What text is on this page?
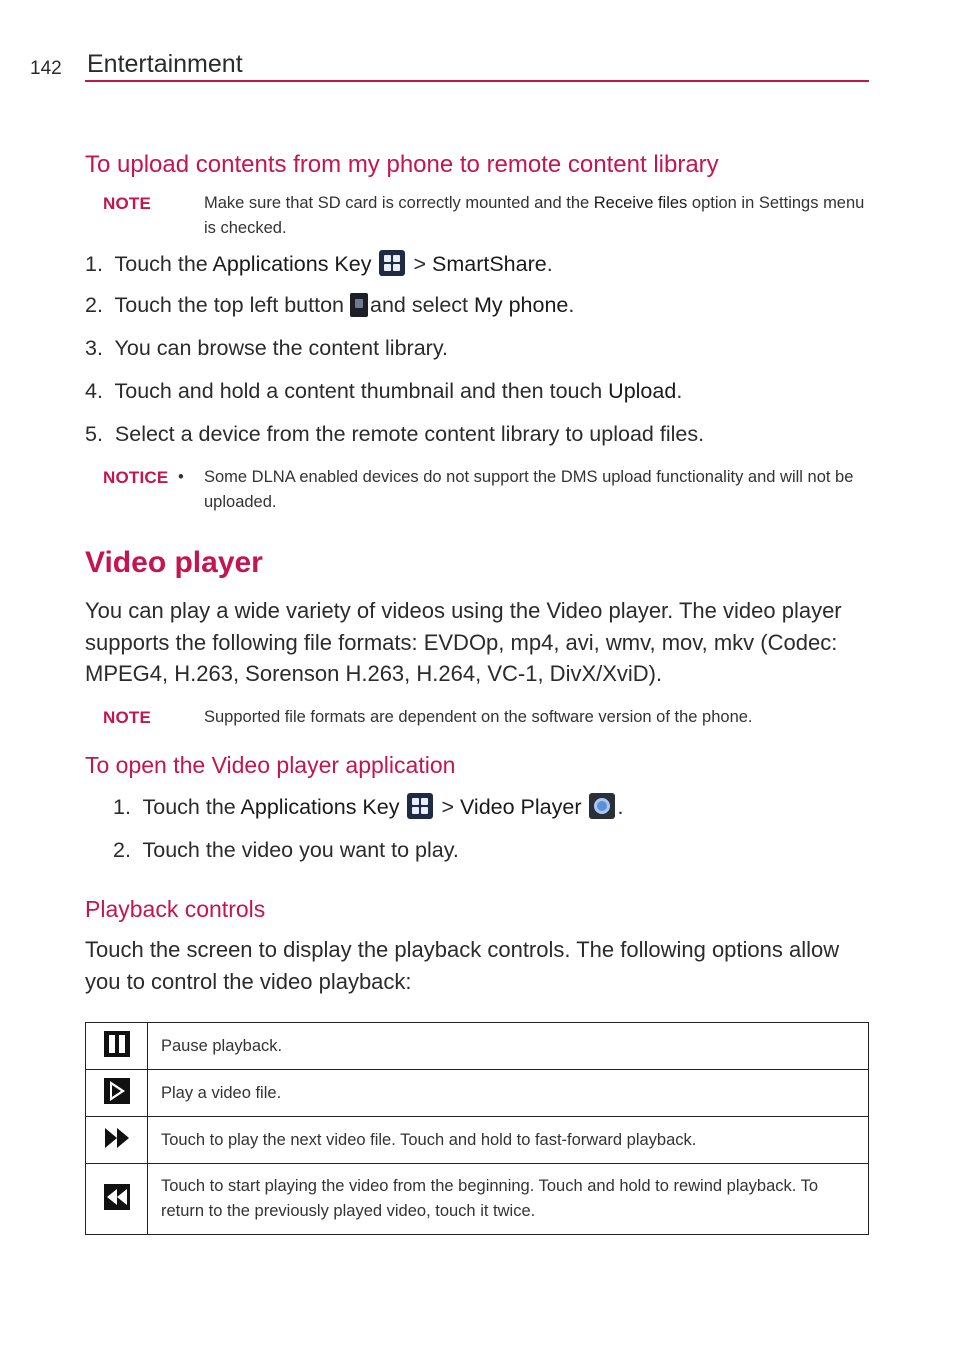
142 Entertainment
To upload contents from my phone to remote content library
NOTE	Make sure that SD card is correctly mounted and the Receive files option in Settings menu is checked.
1. Touch the Applications Key
> SmartShare.
2. Touch the top left button
and select My phone.
3. You can browse the content library.
4. Touch and hold a content thumbnail and then touch Upload.
5. Select a device from the remote content library to upload files.
NOTICE • Some DLNA enabled devices do not support the DMS upload functionality and will not be uploaded.
Video player
You can play a wide variety of videos using the Video player. The video player supports the following file formats: EVDOp, mp4, avi, wmv, mov, mkv (Codec: MPEG4, H.263, Sorenson H.263, H.264, VC-1, DivX/XviD).
NOTE	Supported file formats are dependent on the software version of the phone.
To open the Video player application
1. Touch the Applications Key
> Video Player .
2. Touch the video you want to play.
Playback controls
Touch the screen to display the playback controls. The following options allow you to control the video playback:
	Pause playback.
	Play a video file.
	Touch to play the next video file. Touch and hold to fast-forward playback.
	Touch to start playing the video from the beginning. Touch and hold to rewind playback. To return to the previously played video, touch it twice.
